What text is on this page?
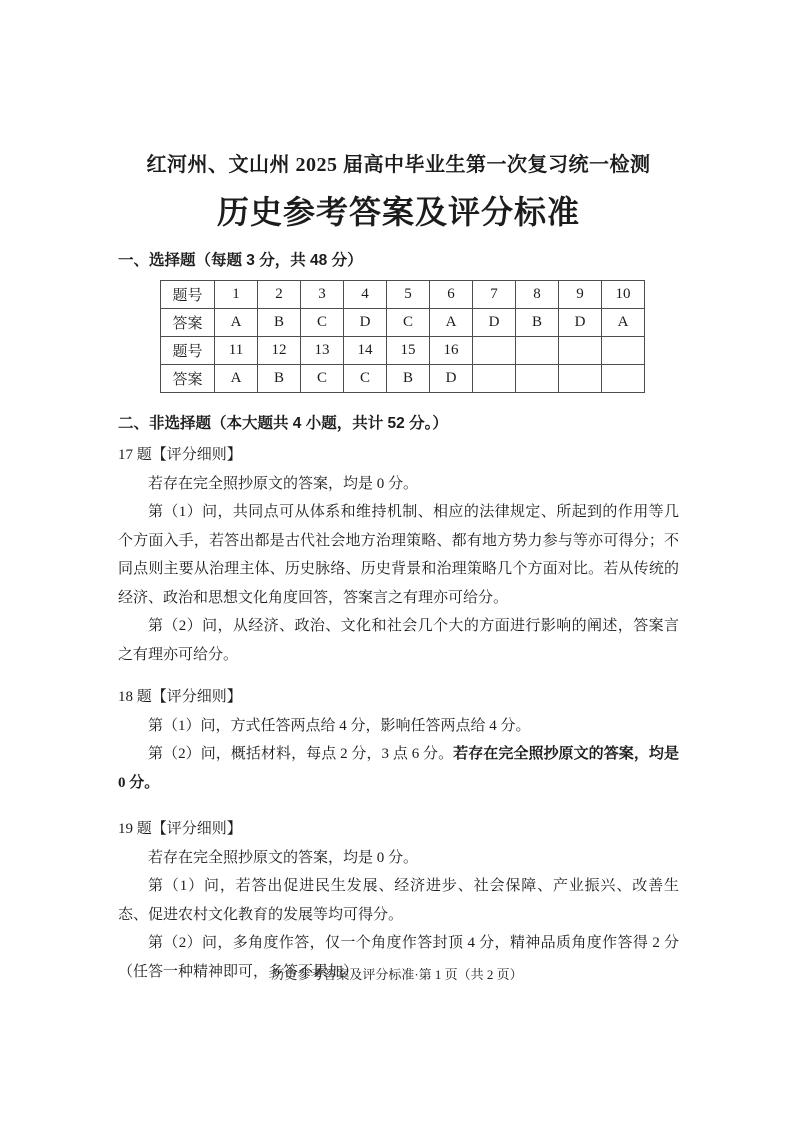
红河州、文山州 2025 届高中毕业生第一次复习统一检测
历史参考答案及评分标准
一、选择题（每题 3 分，共 48 分）
题号	1	2	3	4	5	6	7	8	9	10
答案	A	B	C	D	C	A	D	B	D	A
题号	11	12	13	14	15	16				
答案	A	B	C	C	B	D				
二、非选择题（本大题共 4 小题，共计 52 分。）
17 题【评分细则】

若存在完全照抄原文的答案，均是 0 分。

第（1）问，共同点可从体系和维持机制、相应的法律规定、所起到的作用等几个方面入手，若答出都是古代社会地方治理策略、都有地方势力参与等亦可得分；不同点则主要从治理主体、历史脉络、历史背景和治理策略几个方面对比。若从传统的经济、政治和思想文化角度回答，答案言之有理亦可给分。

第（2）问，从经济、政治、文化和社会几个大的方面进行影响的阐述，答案言之有理亦可给分。

18 题【评分细则】

第（1）问，方式任答两点给 4 分，影响任答两点给 4 分。

第（2）问，概括材料，每点 2 分，3 点 6 分。若存在完全照抄原文的答案，均是 0 分。

19 题【评分细则】

若存在完全照抄原文的答案，均是 0 分。

第（1）问，若答出促进民生发展、经济进步、社会保障、产业振兴、改善生态、促进农村文化教育的发展等均可得分。

第（2）问，多角度作答，仅一个角度作答封顶 4 分，精神品质角度作答得 2 分（任答一种精神即可，多答不累加）

历史参考答案及评分标准·第 1 页（共 2 页）
